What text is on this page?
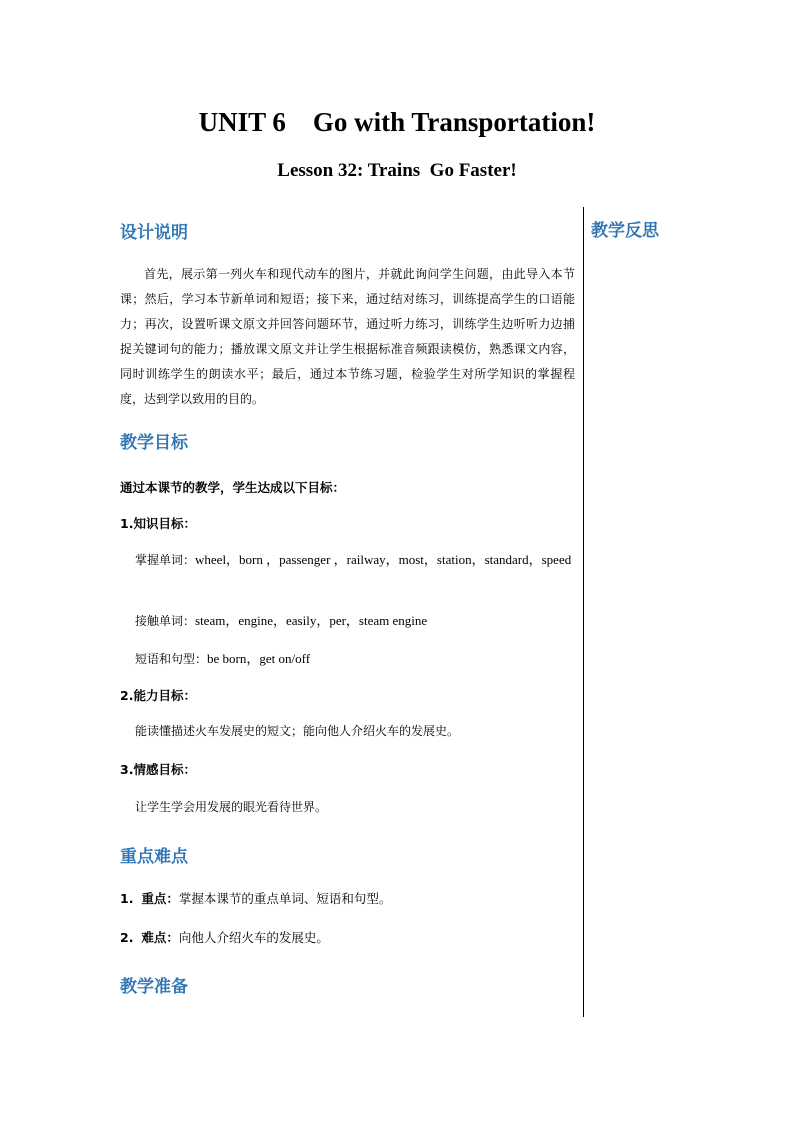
UNIT 6　Go with Transportation!
Lesson 32: Trains  Go Faster!
教学反思
设计说明
首先，展示第一列火车和现代动车的图片，并就此询问学生问题，由此导入本节课；然后，学习本节新单词和短语；接下来，通过结对练习，训练提高学生的口语能力；再次，设置听课文原文并回答问题环节，通过听力练习，训练学生边听听力边捕捉关键词句的能力；播放课文原文并让学生根据标准音频跟读模仿，熟悉课文内容，同时训练学生的朗读水平；最后，通过本节练习题，检验学生对所学知识的掌握程度，达到学以致用的目的。
教学目标
通过本课节的教学，学生达成以下目标：
1.知识目标：
掌握单词：wheel，born ，passenger ，railway，most，station，standard，speed
接触单词：steam，engine，easily，per，steam engine
短语和句型：be born，get on/off
2.能力目标：
能读懂描述火车发展史的短文；能向他人介绍火车的发展史。
3.情感目标：
让学生学会用发展的眼光看待世界。
重点难点
1. 重点：掌握本课节的重点单词、短语和句型。
2. 难点：向他人介绍火车的发展史。
教学准备
